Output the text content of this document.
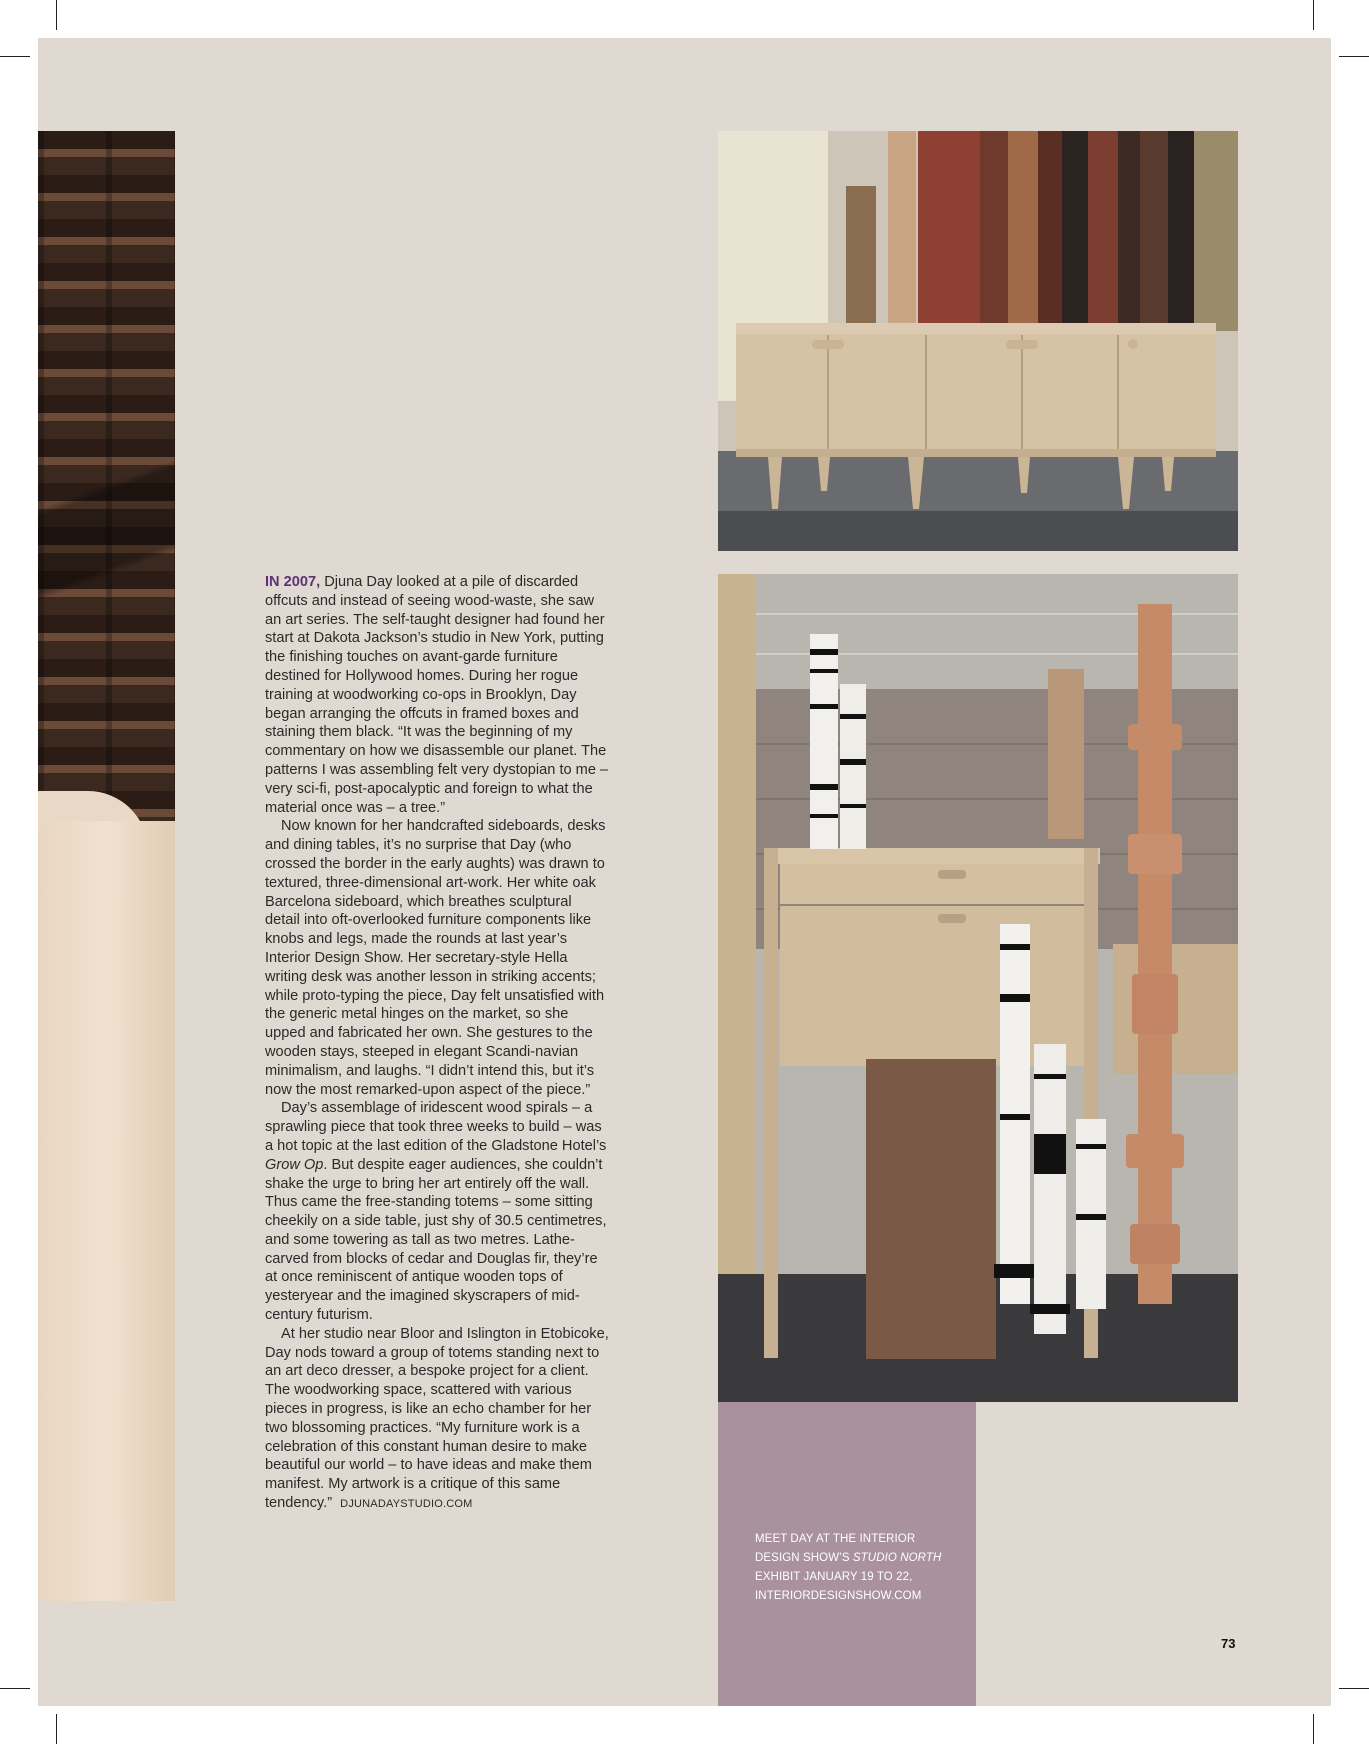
IN 2007, Djuna Day looked at a pile of discarded offcuts and instead of seeing wood-waste, she saw an art series. The self-taught designer had found her start at Dakota Jackson’s studio in New York, putting the finishing touches on avant-garde furniture destined for Hollywood homes. During her rogue training at woodworking co-ops in Brooklyn, Day began arranging the offcuts in framed boxes and staining them black. “It was the beginning of my commentary on how we disassemble our planet. The patterns I was assembling felt very dystopian to me – very sci-fi, post-apocalyptic and foreign to what the material once was – a tree.”

Now known for her handcrafted sideboards, desks and dining tables, it’s no surprise that Day (who crossed the border in the early aughts) was drawn to textured, three-dimensional art-work. Her white oak Barcelona sideboard, which breathes sculptural detail into oft-overlooked furniture components like knobs and legs, made the rounds at last year’s Interior Design Show. Her secretary-style Hella writing desk was another lesson in striking accents; while proto-typing the piece, Day felt unsatisfied with the generic metal hinges on the market, so she upped and fabricated her own. She gestures to the wooden stays, steeped in elegant Scandi-navian minimalism, and laughs. “I didn’t intend this, but it’s now the most remarked-upon aspect of the piece.”

Day’s assemblage of iridescent wood spirals – a sprawling piece that took three weeks to build – was a hot topic at the last edition of the Gladstone Hotel’s Grow Op. But despite eager audiences, she couldn’t shake the urge to bring her art entirely off the wall. Thus came the free-standing totems – some sitting cheekily on a side table, just shy of 30.5 centimetres, and some towering as tall as two metres. Lathe-carved from blocks of cedar and Douglas fir, they’re at once reminiscent of antique wooden tops of yesteryear and the imagined skyscrapers of mid-century futurism.

At her studio near Bloor and Islington in Etobicoke, Day nods toward a group of totems standing next to an art deco dresser, a bespoke project for a client. The woodworking space, scattered with various pieces in progress, is like an echo chamber for her two blossoming practices. “My furniture work is a celebration of this constant human desire to make beautiful our world – to have ideas and make them manifest. My artwork is a critique of this same tendency.” DJUNADAYSTUDIO.COM

MEET DAY AT THE INTERIOR
DESIGN SHOW’S STUDIO NORTH
EXHIBIT JANUARY 19 TO 22,
INTERIORDESIGNSHOW.COM
73
